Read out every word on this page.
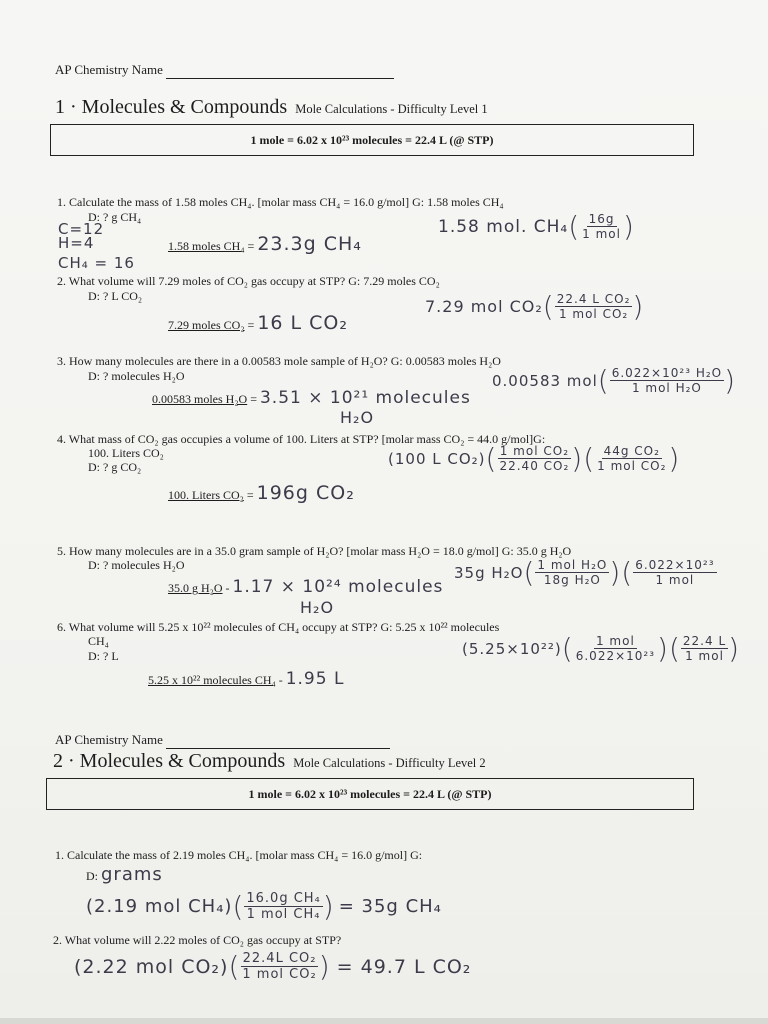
AP Chemistry Name
1 · Molecules & Compounds Mole Calculations - Difficulty Level 1
1 mole = 6.02 x 10²³ molecules = 22.4 L (@ STP)
1. Calculate the mass of 1.58 moles CH₄. [molar mass CH₄ = 16.0 g/mol] G: 1.58 moles CH₄
D: ? g CH₄
C=12
H=4
CH₄ = 16
1.58 moles CH₄ = 23.3g CH₄
1.58 mol. CH₄ ( $\frac{16g}{\text{1 mol}}$ )
2. What volume will 7.29 moles of CO₂ gas occupy at STP? G: 7.29 moles CO₂
D: ? L CO₂
7.29 moles CO₂ = 16 L CO₂
7.29 mol CO₂ ( $\frac{\text{22.4 L CO₂}}{\text{1 mol CO₂}}$ )
3. How many molecules are there in a 0.00583 mole sample of H₂O? G: 0.00583 moles H₂O
D: ? molecules H₂O
0.00583 moles H₂O = 3.51 × 10²¹ molecules
H₂O
0.00583 mol ( $\frac{\text{6.022×10²³ H₂O}}{\text{1 mol H₂O}}$ )
4. What mass of CO₂ gas occupies a volume of 100. Liters at STP? [molar mass CO₂ = 44.0 g/mol]G:
100. Liters CO₂
D: ? g CO₂
100. Liters CO₂ = 196g CO₂
(100 L CO₂) ( $\frac{\text{1 mol CO₂}}{\text{22.40 CO₂}}$ )( $\frac{\text{44g CO₂}}{\text{1 mol CO₂}}$ )
5. How many molecules are in a 35.0 gram sample of H₂O? [molar mass H₂O = 18.0 g/mol] G: 35.0 g H₂O
D: ? molecules H₂O
35.0 g H₂O - 1.17 × 10²⁴ molecules
H₂O
35g H₂O ( $\frac{\text{1 mol H₂O}}{\text{18g H₂O}}$ )( $\frac{\text{6.022×10²³}}{\text{1 mol}}$
6. What volume will 5.25 x 10²² molecules of CH₄ occupy at STP? G: 5.25 x 10²² molecules
CH₄
D: ? L
5.25 x 10²² molecules CH₄ - 1.95 L
(5.25×10²²) ( $\frac{\text{1 mol}}{\text{6.022×10²³}}$ )( $\frac{22.4 L}{\text{1 mol}}$ )
AP Chemistry Name
2 · Molecules & Compounds Mole Calculations - Difficulty Level 2
1 mole = 6.02 x 10²³ molecules = 22.4 L (@ STP)
1. Calculate the mass of 2.19 moles CH₄. [molar mass CH₄ = 16.0 g/mol] G:
D: grams
(2.19 mol CH₄) ( $\frac{\text{16.0g CH₄}}{\text{1 mol CH₄}}$ ) = 35g CH₄
2. What volume will 2.22 moles of CO₂ gas occupy at STP?
(2.22 mol CO₂) ( $\frac{\text{22.4L CO₂}}{\text{1 mol CO₂}}$ ) = 49.7 L CO₂
